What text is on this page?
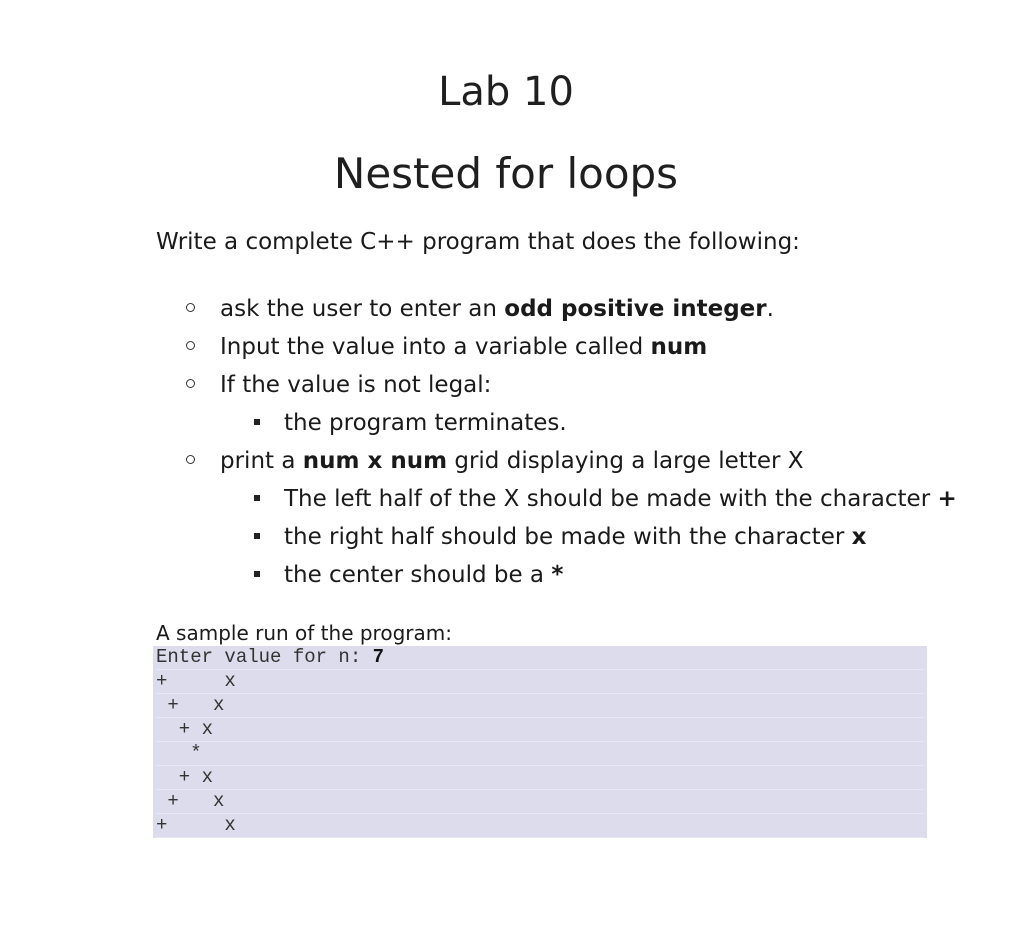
Lab 10
Nested for loops

Write a complete C++ program that does the following:

ask the user to enter an odd positive integer.
Input the value into a variable called num
If the value is not legal:
the program terminates.
print a num x num grid displaying a large letter X
The left half of the X should be made with the character +
the right half should be made with the character x
the center should be a *

A sample run of the program:

Enter value for n: 7
+     x
+   x
+ x
*
+ x
+   x
+     x
